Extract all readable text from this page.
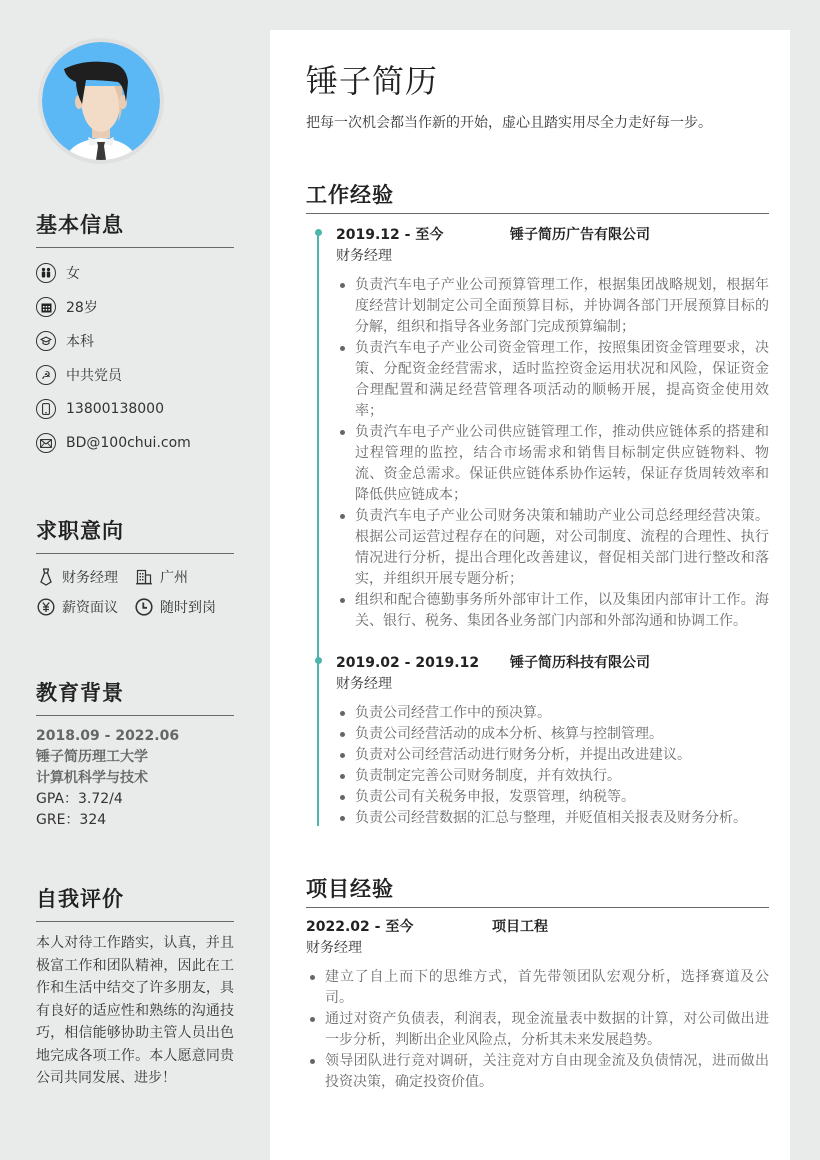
基本信息
女
28岁
本科
☭	中共党员
13800138000
BD@100chui.com
求职意向
财务经理	广州
薪资面议	随时到岗
教育背景
2018.09 - 2022.06
锤子简历理工大学
计算机科学与技术
GPA：3.72/4
GRE：324
自我评价

本人对待工作踏实，认真，并且极富工作和团队精神，因此在工作和生活中结交了许多朋友，具有良好的适应性和熟练的沟通技巧，相信能够协助主管人员出色地完成各项工作。本人愿意同贵公司共同发展、进步！

锤子简历

把每一次机会都当作新的开始，虚心且踏实用尽全力走好每一步。

工作经验
2019.12 - 至今	锤子简历广告有限公司
财务经理
负责汽车电子产业公司预算管理工作，根据集团战略规划，根据年度经营计划制定公司全面预算目标，并协调各部门开展预算目标的分解，组织和指导各业务部门完成预算编制；
负责汽车电子产业公司资金管理工作，按照集团资金管理要求，决策、分配资金经营需求，适时监控资金运用状况和风险，保证资金合理配置和满足经营管理各项活动的顺畅开展，提高资金使用效率；
负责汽车电子产业公司供应链管理工作，推动供应链体系的搭建和过程管理的监控，结合市场需求和销售目标制定供应链物料、物流、资金总需求。保证供应链体系协作运转，保证存货周转效率和降低供应链成本；
负责汽车电子产业公司财务决策和辅助产业公司总经理经营决策。根据公司运营过程存在的问题，对公司制度、流程的合理性、执行情况进行分析，提出合理化改善建议，督促相关部门进行整改和落实，并组织开展专题分析；
组织和配合德勤事务所外部审计工作，以及集团内部审计工作。海关、银行、税务、集团各业务部门内部和外部沟通和协调工作。
2019.02 - 2019.12	锤子简历科技有限公司
财务经理
负责公司经营工作中的预决算。
负责公司经营活动的成本分析、核算与控制管理。
负责对公司经营活动进行财务分析，并提出改进建议。
负责制定完善公司财务制度，并有效执行。
负责公司有关税务申报，发票管理，纳税等。
负责公司经营数据的汇总与整理，并贬值相关报表及财务分析。
项目经验
2022.02 - 至今	项目工程
财务经理
建立了自上而下的思维方式，首先带领团队宏观分析，选择赛道及公司。
通过对资产负债表，利润表，现金流量表中数据的计算，对公司做出进一步分析，判断出企业风险点，分析其未来发展趋势。
领导团队进行竞对调研，关注竞对方自由现金流及负债情况，进而做出投资决策，确定投资价值。
